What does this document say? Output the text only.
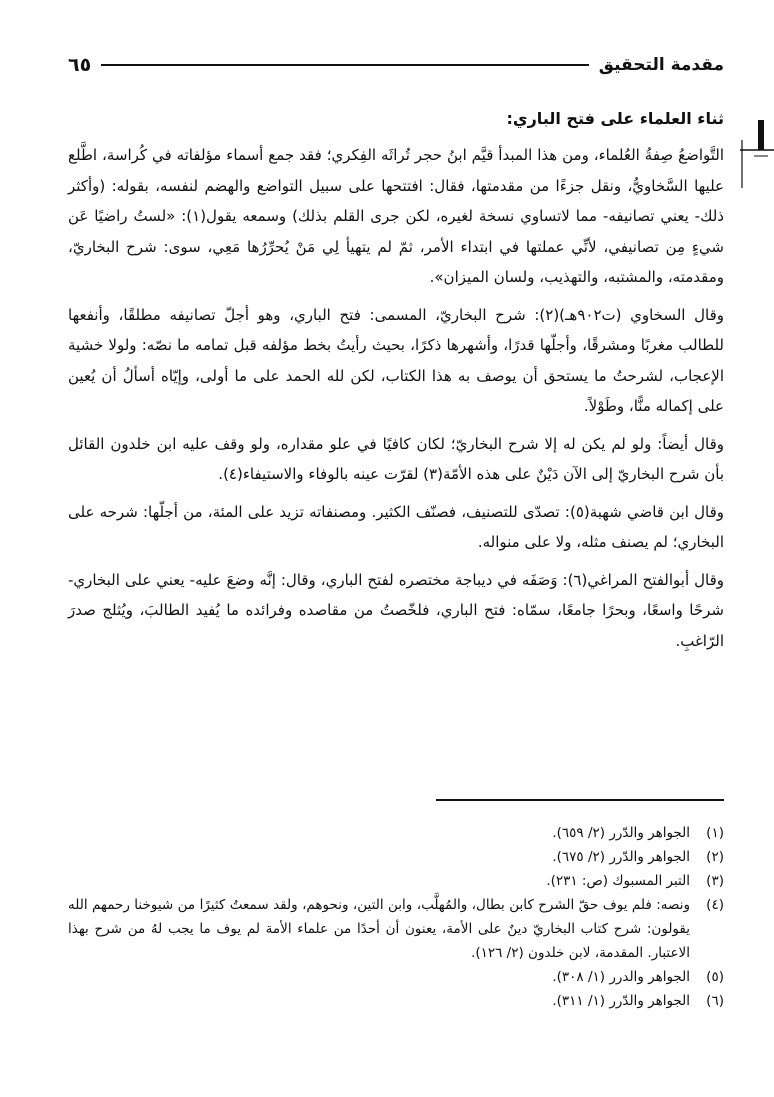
مقدمة التحقيق
٦٥
ثناء العلماء على فتح الباري:

التَّواضعُ صِفةُ العُلماء، ومن هذا المبدأ قيَّم ابنُ حجر تُراثَه الفِكري؛ فقد جمع أسماء مؤلفاته في كُراسة، اطَّلع عليها السَّخاويُّ، ونقل جزءًا من مقدمتها، فقال: افتتحها على سبيل التواضع والهضم لنفسه، بقوله: (وأكثر ذلك- يعني تصانيفه- مما لاتساوي نسخة لغيره، لكن جرى القلم بذلك) وسمعه يقول(١): «لستُ راضيًا عَن شيءٍ مِن تصانيفي، لأنِّي عملتها في ابتداء الأمر، ثمّ لم يتهيأ لِي مَنْ يُحرِّرُها مَعِي، سوى: شرح البخاريّ، ومقدمته، والمشتبه، والتهذيب، ولسان الميزان».

وقال السخاوي (ت٩٠٢هـ)(٢): شرح البخاريّ، المسمى: فتح الباري، وهو أجلّ تصانيفه مطلقًا، وأنفعها للطالب مغربًا ومشرقًا، وأجلّها قدرًا، وأشهرها ذكرًا، بحيث رأيتُ بخط مؤلفه قبل تمامه ما نصّه: ولولا خشية الإعجاب، لشرحتُ ما يستحق أن يوصف به هذا الكتاب، لكن لله الحمد على ما أولى، وإيّاه أسألُ أن يُعين على إكماله منًّا، وطَوْلاً.

وقال أيضاً: ولو لم يكن له إلا شرح البخاريّ؛ لكان كافيًا في علو مقداره، ولو وقف عليه ابن خلدون القائل بأن شرح البخاريّ إلى الآن دَيْنٌ على هذه الأمّة(٣) لقرّت عينه بالوفاء والاستيفاء(٤).

وقال ابن قاضي شهبة(٥): تصدّى للتصنيف، فصنّف الكثير. ومصنفاته تزيد على المئة، من أجلّها: شرحه على البخاري؛ لم يصنف مثله، ولا على منواله.

وقال أبوالفتح المراغي(٦): وَصَفَه في ديباجة مختصره لفتح الباري، وقال: إنَّه وضعَ عليه- يعني على البخاري- شرحًا واسعًا، وبحرًا جامعًا، سمّاه: فتح الباري، فلخّصتُ من مقاصده وفرائده ما يُفيد الطالبَ، ويُثلج صدرَ الرّاغبِ.

(١)
الجواهر والدّرر (٢/ ٦٥٩).
(٢)
الجواهر والدّرر (٢/ ٦٧٥).
(٣)
التبر المسبوك (ص: ٢٣١).
(٤)
ونصه: فلم يوف حقّ الشرح كابن بطال، والمُهلَّب، وابن التين، ونحوهم، ولقد سمعتُ كثيرًا من شيوخنا رحمهم الله يقولون: شرح كتاب البخاريّ دينٌ على الأمة، يعنون أن أحدًا من علماء الأمة لم يوف ما يجب لهُ من شرح بهذا الاعتبار. المقدمة، لابن خلدون (٢/ ١٢٦).
(٥)
الجواهر والدرر (١/ ٣٠٨).
(٦)
الجواهر والدّرر (١/ ٣١١).
